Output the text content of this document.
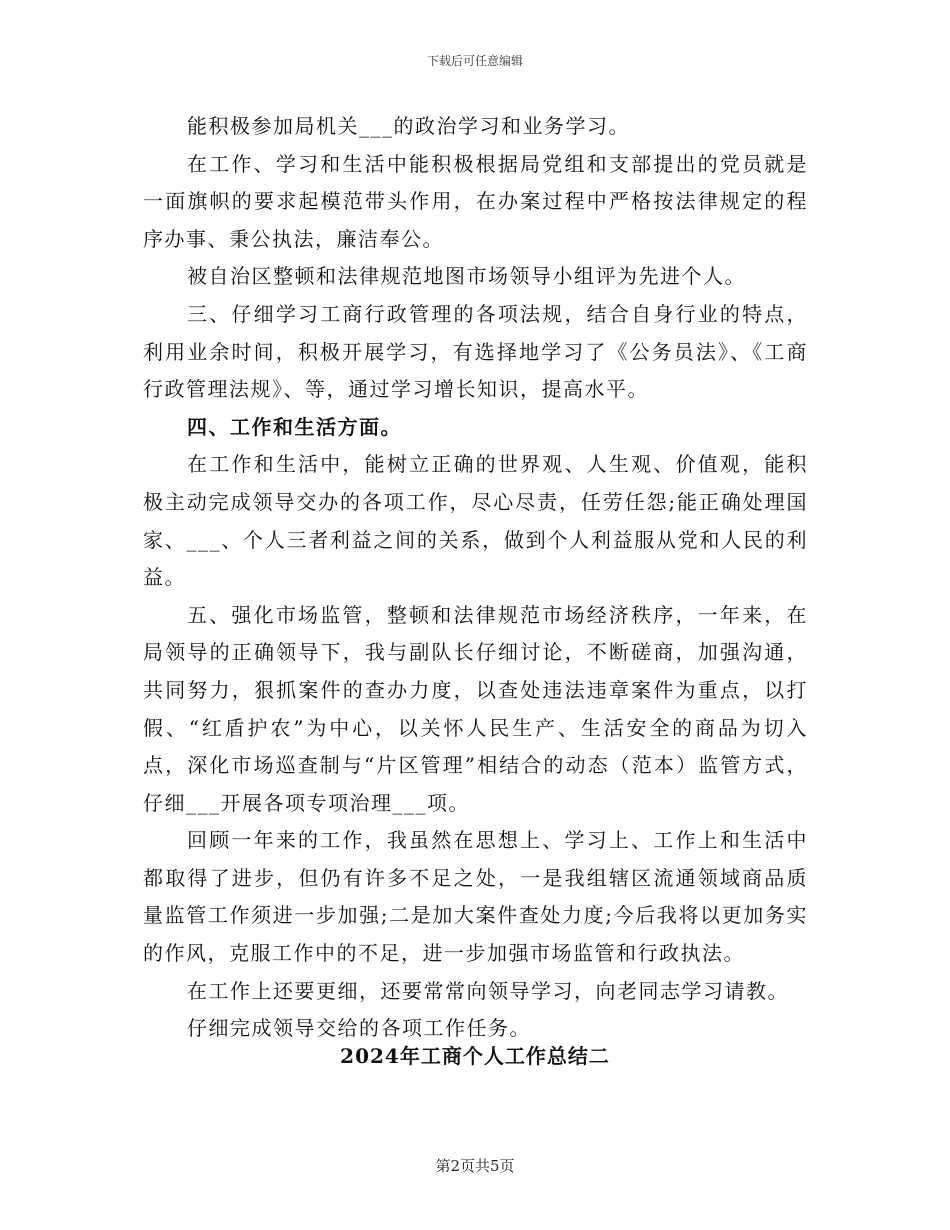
下载后可任意编辑

能积极参加局机关___的政治学习和业务学习。

在工作、学习和生活中能积极根据局党组和支部提出的党员就是一面旗帜的要求起模范带头作用，在办案过程中严格按法律规定的程序办事、秉公执法，廉洁奉公。

被自治区整顿和法律规范地图市场领导小组评为先进个人。

三、仔细学习工商行政管理的各项法规，结合自身行业的特点，利用业余时间，积极开展学习，有选择地学习了《公务员法》、《工商行政管理法规》、等，通过学习增长知识，提高水平。

四、工作和生活方面。

在工作和生活中，能树立正确的世界观、人生观、价值观，能积极主动完成领导交办的各项工作，尽心尽责，任劳任怨;能正确处理国家、___、个人三者利益之间的关系，做到个人利益服从党和人民的利益。

五、强化市场监管，整顿和法律规范市场经济秩序，一年来，在局领导的正确领导下，我与副队长仔细讨论，不断磋商，加强沟通，共同努力，狠抓案件的查办力度，以查处违法违章案件为重点，以打假、“红盾护农”为中心，以关怀人民生产、生活安全的商品为切入点，深化市场巡查制与“片区管理”相结合的动态（范本）监管方式，仔细___开展各项专项治理___项。

回顾一年来的工作，我虽然在思想上、学习上、工作上和生活中都取得了进步，但仍有许多不足之处，一是我组辖区流通领域商品质量监管工作须进一步加强;二是加大案件查处力度;今后我将以更加务实的作风，克服工作中的不足，进一步加强市场监管和行政执法。

在工作上还要更细，还要常常向领导学习，向老同志学习请教。

仔细完成领导交给的各项工作任务。

2024年工商个人工作总结二
第2页共5页
